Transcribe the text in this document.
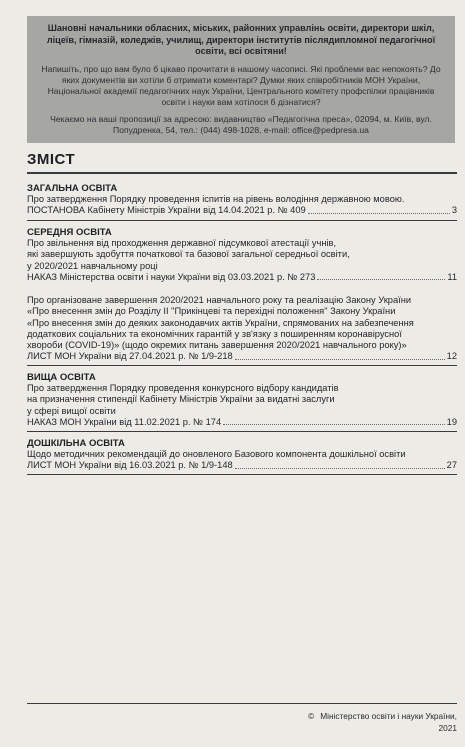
Шановні начальники обласних, міських, районних управлінь освіти, директори шкіл, ліцеїв, гімназій, коледжів, училищ, директори інститутів післядипломної педагогічної освіти, всі освітяни!

Напишіть, про що вам було б цікаво прочитати в нашому часописі. Які проблеми вас непокоять? До яких документів ви хотіли б отримати коментарі? Думки яких співробітників МОН України, Національної академії педагогічних наук України, Центрального комітету профспілки працівників освіти і науки вам хотілося б дізнатися?

Чекаємо на ваші пропозиції за адресою: видавництво «Педагогічна преса», 02094, м. Київ, вул. Попудренка, 54, тел.: (044) 498-1028, e-mail: office@pedpresa.ua

ЗМІСТ
ЗАГАЛЬНА ОСВІТА
Про затвердження Порядку проведення іспитів на рівень володіння державною мовою.
ПОСТАНОВА Кабінету Міністрів України від 14.04.2021 р. № 409	3
СЕРЕДНЯ ОСВІТА
Про звільнення від проходження державної підсумкової атестації учнів,
які завершують здобуття початкової та базової загальної середньої освіти,
у 2020/2021 навчальному році
НАКАЗ Міністерства освіти і науки України від 03.03.2021 р. № 273	11
Про організоване завершення 2020/2021 навчального року та реалізацію Закону України
«Про внесення змін до Розділу ІІ "Прикінцеві та перехідні положення" Закону України
«Про внесення змін до деяких законодавчих актів України, спрямованих на забезпечення
додаткових соціальних та економічних гарантій у зв'язку з поширенням коронавірусної
хвороби (COVID-19)» (щодо окремих питань завершення 2020/2021 навчального року)»
ЛИСТ МОН України від 27.04.2021 р. № 1/9-218	12
ВИЩА ОСВІТА
Про затвердження Порядку проведення конкурсного відбору кандидатів
на призначення стипендії Кабінету Міністрів України за видатні заслуги
у сфері вищої освіти
НАКАЗ МОН України від 11.02.2021 р. № 174	19
ДОШКІЛЬНА ОСВІТА
Щодо методичних рекомендацій до оновленого Базового компонента дошкільної освіти
ЛИСТ МОН України від 16.03.2021 р. № 1/9-148	27
© Міністерство освіти і науки України,
2021
